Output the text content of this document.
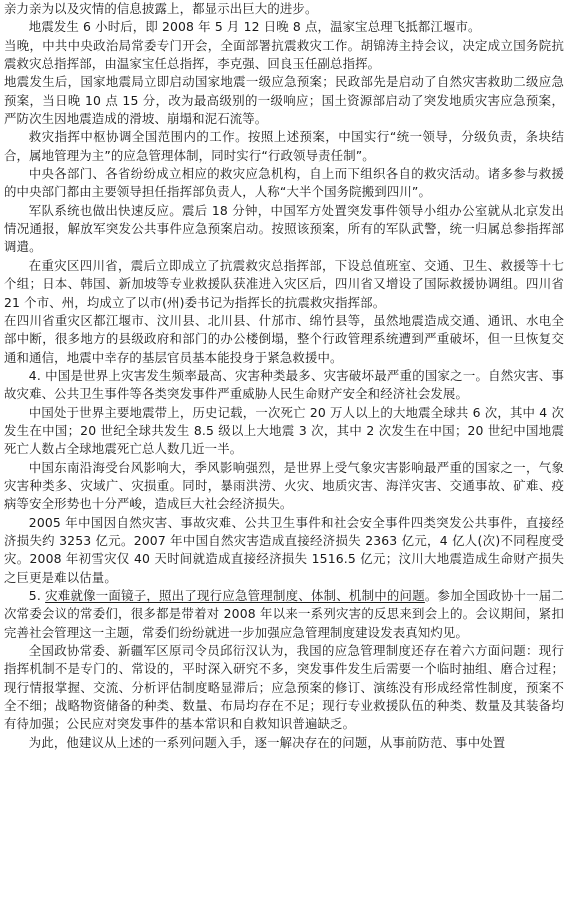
亲力亲为以及灾情的信息披露上，都显示出巨大的进步。

地震发生 6 小时后，即 2008 年 5 月 12 日晚 8 点，温家宝总理飞抵都江堰市。

当晚，中共中央政治局常委专门开会，全面部署抗震救灾工作。胡锦涛主持会议，决定成立国务院抗震救灾总指挥部，由温家宝任总指挥，李克强、回良玉任副总指挥。

地震发生后，国家地震局立即启动国家地震一级应急预案；民政部先是启动了自然灾害救助二级应急预案，当日晚 10 点 15 分，改为最高级别的一级响应；国土资源部启动了突发地质灾害应急预案，严防次生因地震造成的滑坡、崩塌和泥石流等。

救灾指挥中枢协调全国范围内的工作。按照上述预案，中国实行“统一领导，分级负责，条块结合，属地管理为主”的应急管理体制，同时实行“行政领导责任制”。

中央各部门、各省纷纷成立相应的救灾应急机构，自上而下组织各自的救灾活动。诸多参与救援的中央部门都由主要领导担任指挥部负责人，人称“大半个国务院搬到四川”。

军队系统也做出快速反应。震后 18 分钟，中国军方处置突发事件领导小组办公室就从北京发出情况通报，解放军突发公共事件应急预案启动。按照该预案，所有的军队武警，统一归属总参指挥部调遣。

在重灾区四川省，震后立即成立了抗震救灾总指挥部，下设总值班室、交通、卫生、救援等十七个组；日本、韩国、新加坡等专业救援队获准进入灾区后，四川省又增设了国际救援协调组。四川省 21 个市、州，均成立了以市(州)委书记为指挥长的抗震救灾指挥部。

在四川省重灾区都江堰市、汶川县、北川县、什邡市、绵竹县等，虽然地震造成交通、通讯、水电全部中断，很多地方的县级政府和部门的办公楼倒塌，整个行政管理系统遭到严重破坏，但一旦恢复交通和通信，地震中幸存的基层官员基本能投身于紧急救援中。

4. 中国是世界上灾害发生频率最高、灾害种类最多、灾害破坏最严重的国家之一。自然灾害、事故灾难、公共卫生事件等各类突发事件严重威胁人民生命财产安全和经济社会发展。

中国处于世界主要地震带上，历史记载，一次死亡 20 万人以上的大地震全球共 6 次，其中 4 次发生在中国；20 世纪全球共发生 8.5 级以上大地震 3 次，其中 2 次发生在中国；20 世纪中国地震死亡人数占全球地震死亡总人数几近一半。

中国东南沿海受台风影响大，季风影响强烈，是世界上受气象灾害影响最严重的国家之一，气象灾害种类多、灾域广、灾损重。同时，暴雨洪涝、火灾、地质灾害、海洋灾害、交通事故、矿难、疫病等安全形势也十分严峻，造成巨大社会经济损失。

2005 年中国因自然灾害、事故灾难、公共卫生事件和社会安全事件四类突发公共事件，直接经济损失约 3253 亿元。2007 年中国自然灾害造成直接经济损失 2363 亿元，4 亿人(次)不同程度受灾。2008 年初雪灾仅 40 天时间就造成直接经济损失 1516.5 亿元；汶川大地震造成生命财产损失之巨更是难以估量。

5. 灾难就像一面镜子，照出了现行应急管理制度、体制、机制中的问题。参加全国政协十一届二次常委会议的常委们，很多都是带着对 2008 年以来一系列灾害的反思来到会上的。会议期间，紧扣完善社会管理这一主题，常委们纷纷就进一步加强应急管理制度建设发表真知灼见。

全国政协常委、新疆军区原司令员邱衍汉认为，我国的应急管理制度还存在着六方面问题：现行指挥机制不是专门的、常设的，平时深入研究不多，突发事件发生后需要一个临时抽组、磨合过程；现行情报掌握、交流、分析评估制度略显滞后；应急预案的修订、演练没有形成经常性制度，预案不全不细；战略物资储备的种类、数量、布局均存在不足；现行专业救援队伍的种类、数量及其装备均有待加强；公民应对突发事件的基本常识和自救知识普遍缺乏。

为此，他建议从上述的一系列问题入手，逐一解决存在的问题，从事前防范、事中处置
